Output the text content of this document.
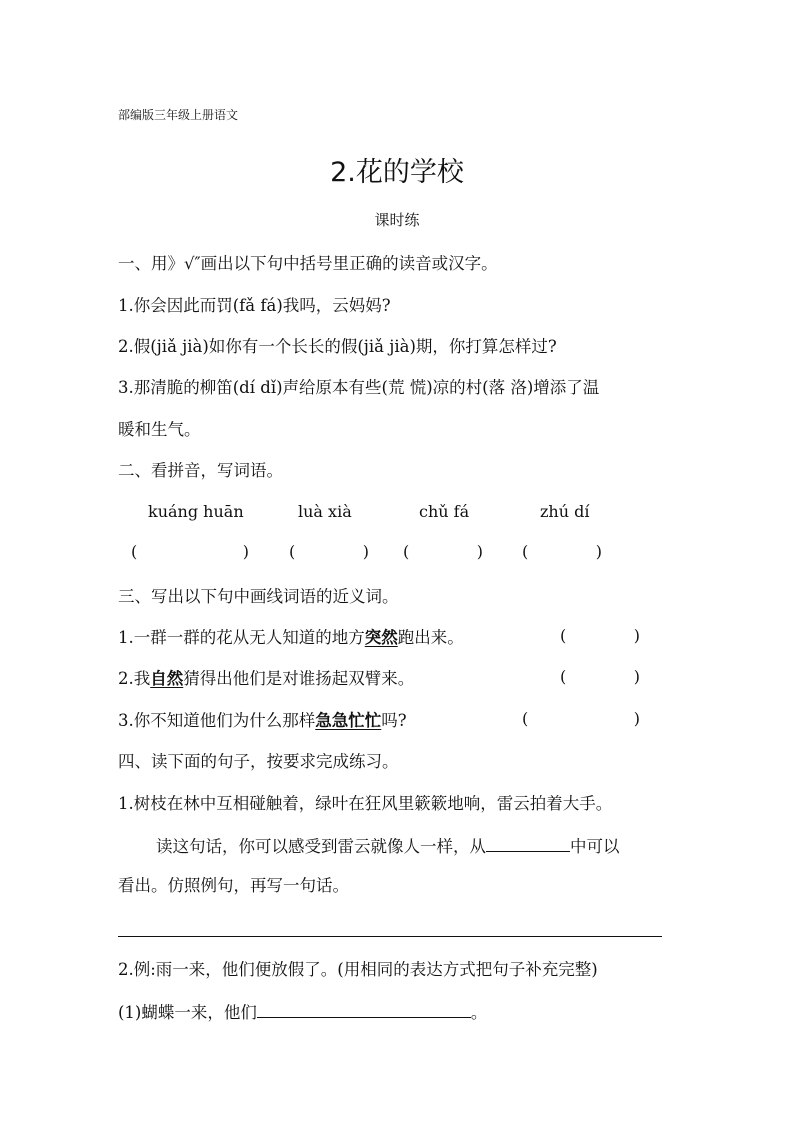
部编版三年级上册语文
2.花的学校
课时练
一、用》√″画出以下句中括号里正确的读音或汉字。
1.你会因此而罚(fǎ fá)我吗，云妈妈?
2.假(jiǎ jià)如你有一个长长的假(jiǎ jià)期，你打算怎样过?
3.那清脆的柳笛(dí dǐ)声给原本有些(荒 慌)凉的村(落 洛)增添了温
暖和生气。
二、看拼音，写词语。
kuáng huān	luà xià	chǔ fá	zhú dí
(	)	(	) (	) (	)
三、写出以下句中画线词语的近义词。
1.一群一群的花从无人知道的地方突然跑出来。	(	)
2.我自然猜得出他们是对谁扬起双臂来。	(	)
3.你不知道他们为什么那样急急忙忙吗?	(	)
四、读下面的句子，按要求完成练习。
1.树枝在林中互相碰触着，绿叶在狂风里簌簌地响，雷云拍着大手。
读这句话，你可以感受到雷云就像人一样，从	中可以
看出。仿照例句，再写一句话。
2.例:雨一来，他们便放假了。(用相同的表达方式把句子补充完整)
(1)蝴蝶一来，他们	。
